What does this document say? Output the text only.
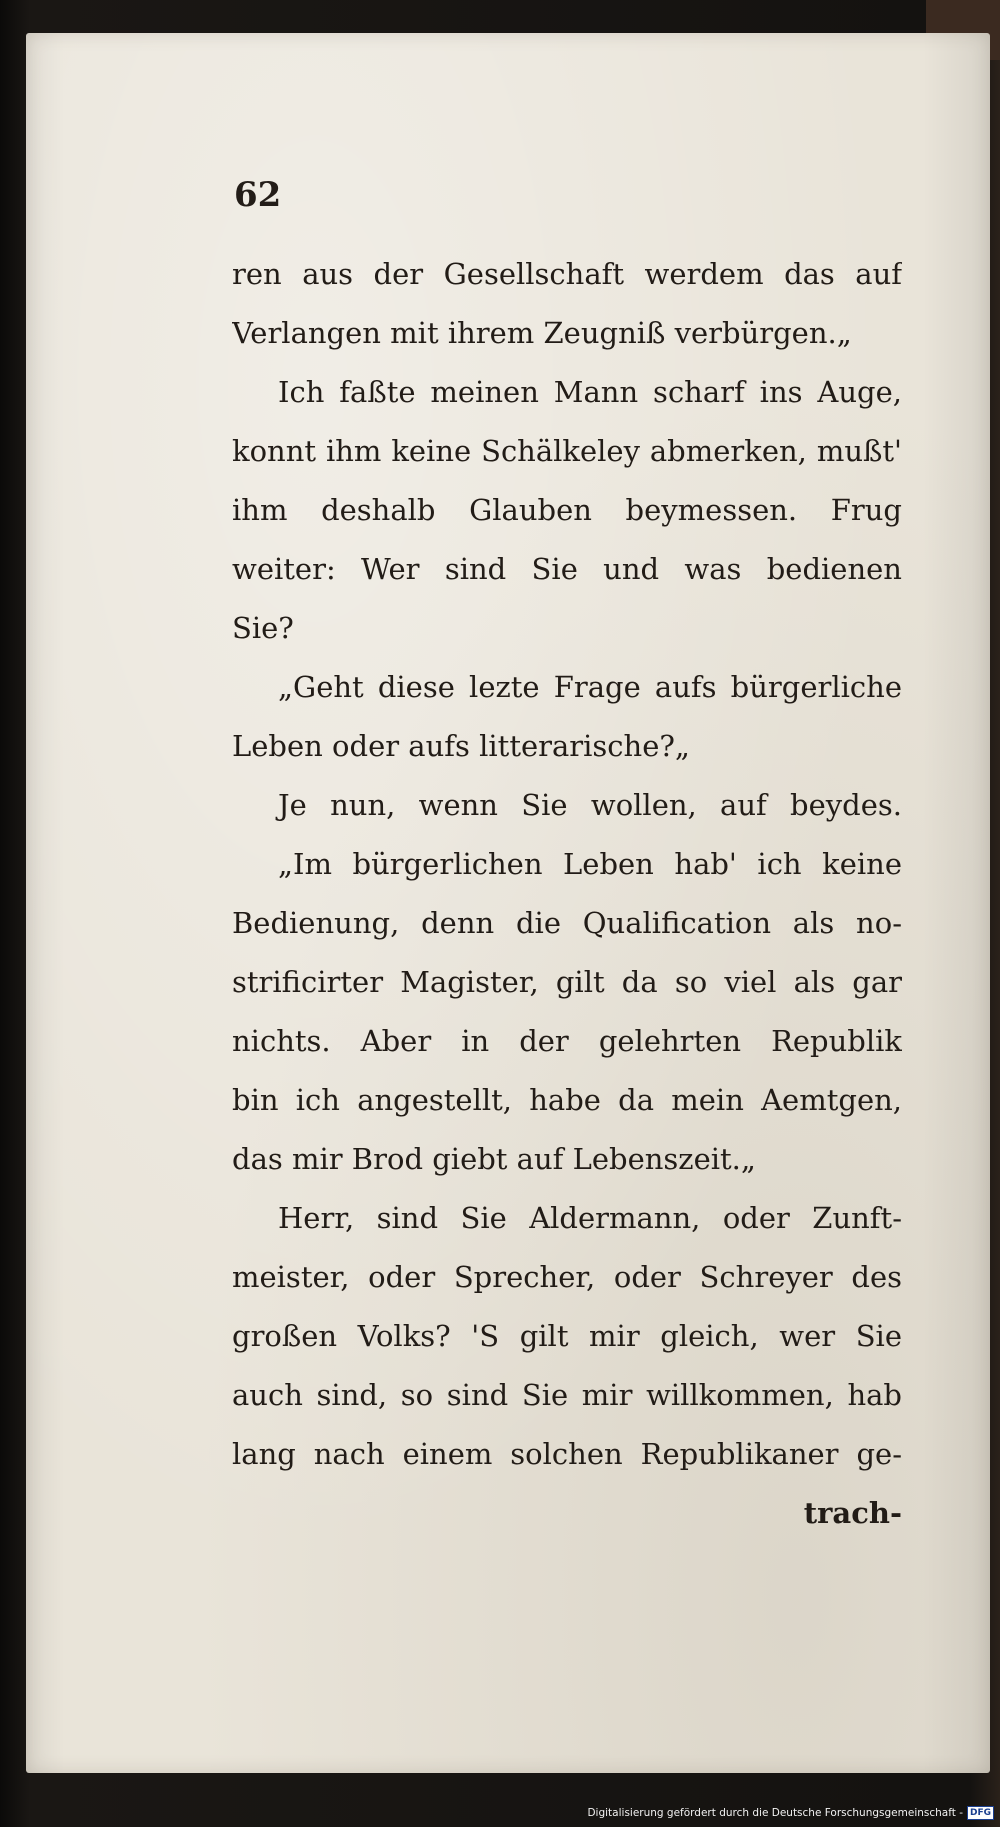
62

ren aus der Gesellschaft werdem das auf
Verlangen mit ihrem Zeugniß verbürgen.„
Ich faßte meinen Mann scharf ins Auge,
konnt ihm keine Schälkeley abmerken, mußt'
ihm deshalb Glauben beymessen. Frug
weiter: Wer sind Sie und was bedienen
Sie?
„Geht diese lezte Frage aufs bürgerliche
Leben oder aufs litterarische?„
Je nun, wenn Sie wollen, auf beydes.
„Im bürgerlichen Leben hab' ich keine
Bedienung, denn die Qualification als no-
strificirter Magister, gilt da so viel als gar
nichts. Aber in der gelehrten Republik
bin ich angestellt, habe da mein Aemtgen,
das mir Brod giebt auf Lebenszeit.„
Herr, sind Sie Aldermann, oder Zunft-
meister, oder Sprecher, oder Schreyer des
großen Volks? 'S gilt mir gleich, wer Sie
auch sind, so sind Sie mir willkommen, hab
lang nach einem solchen Republikaner ge-
trach-
Digitalisierung gefördert durch die Deutsche Forschungsgemeinschaft - DFG
